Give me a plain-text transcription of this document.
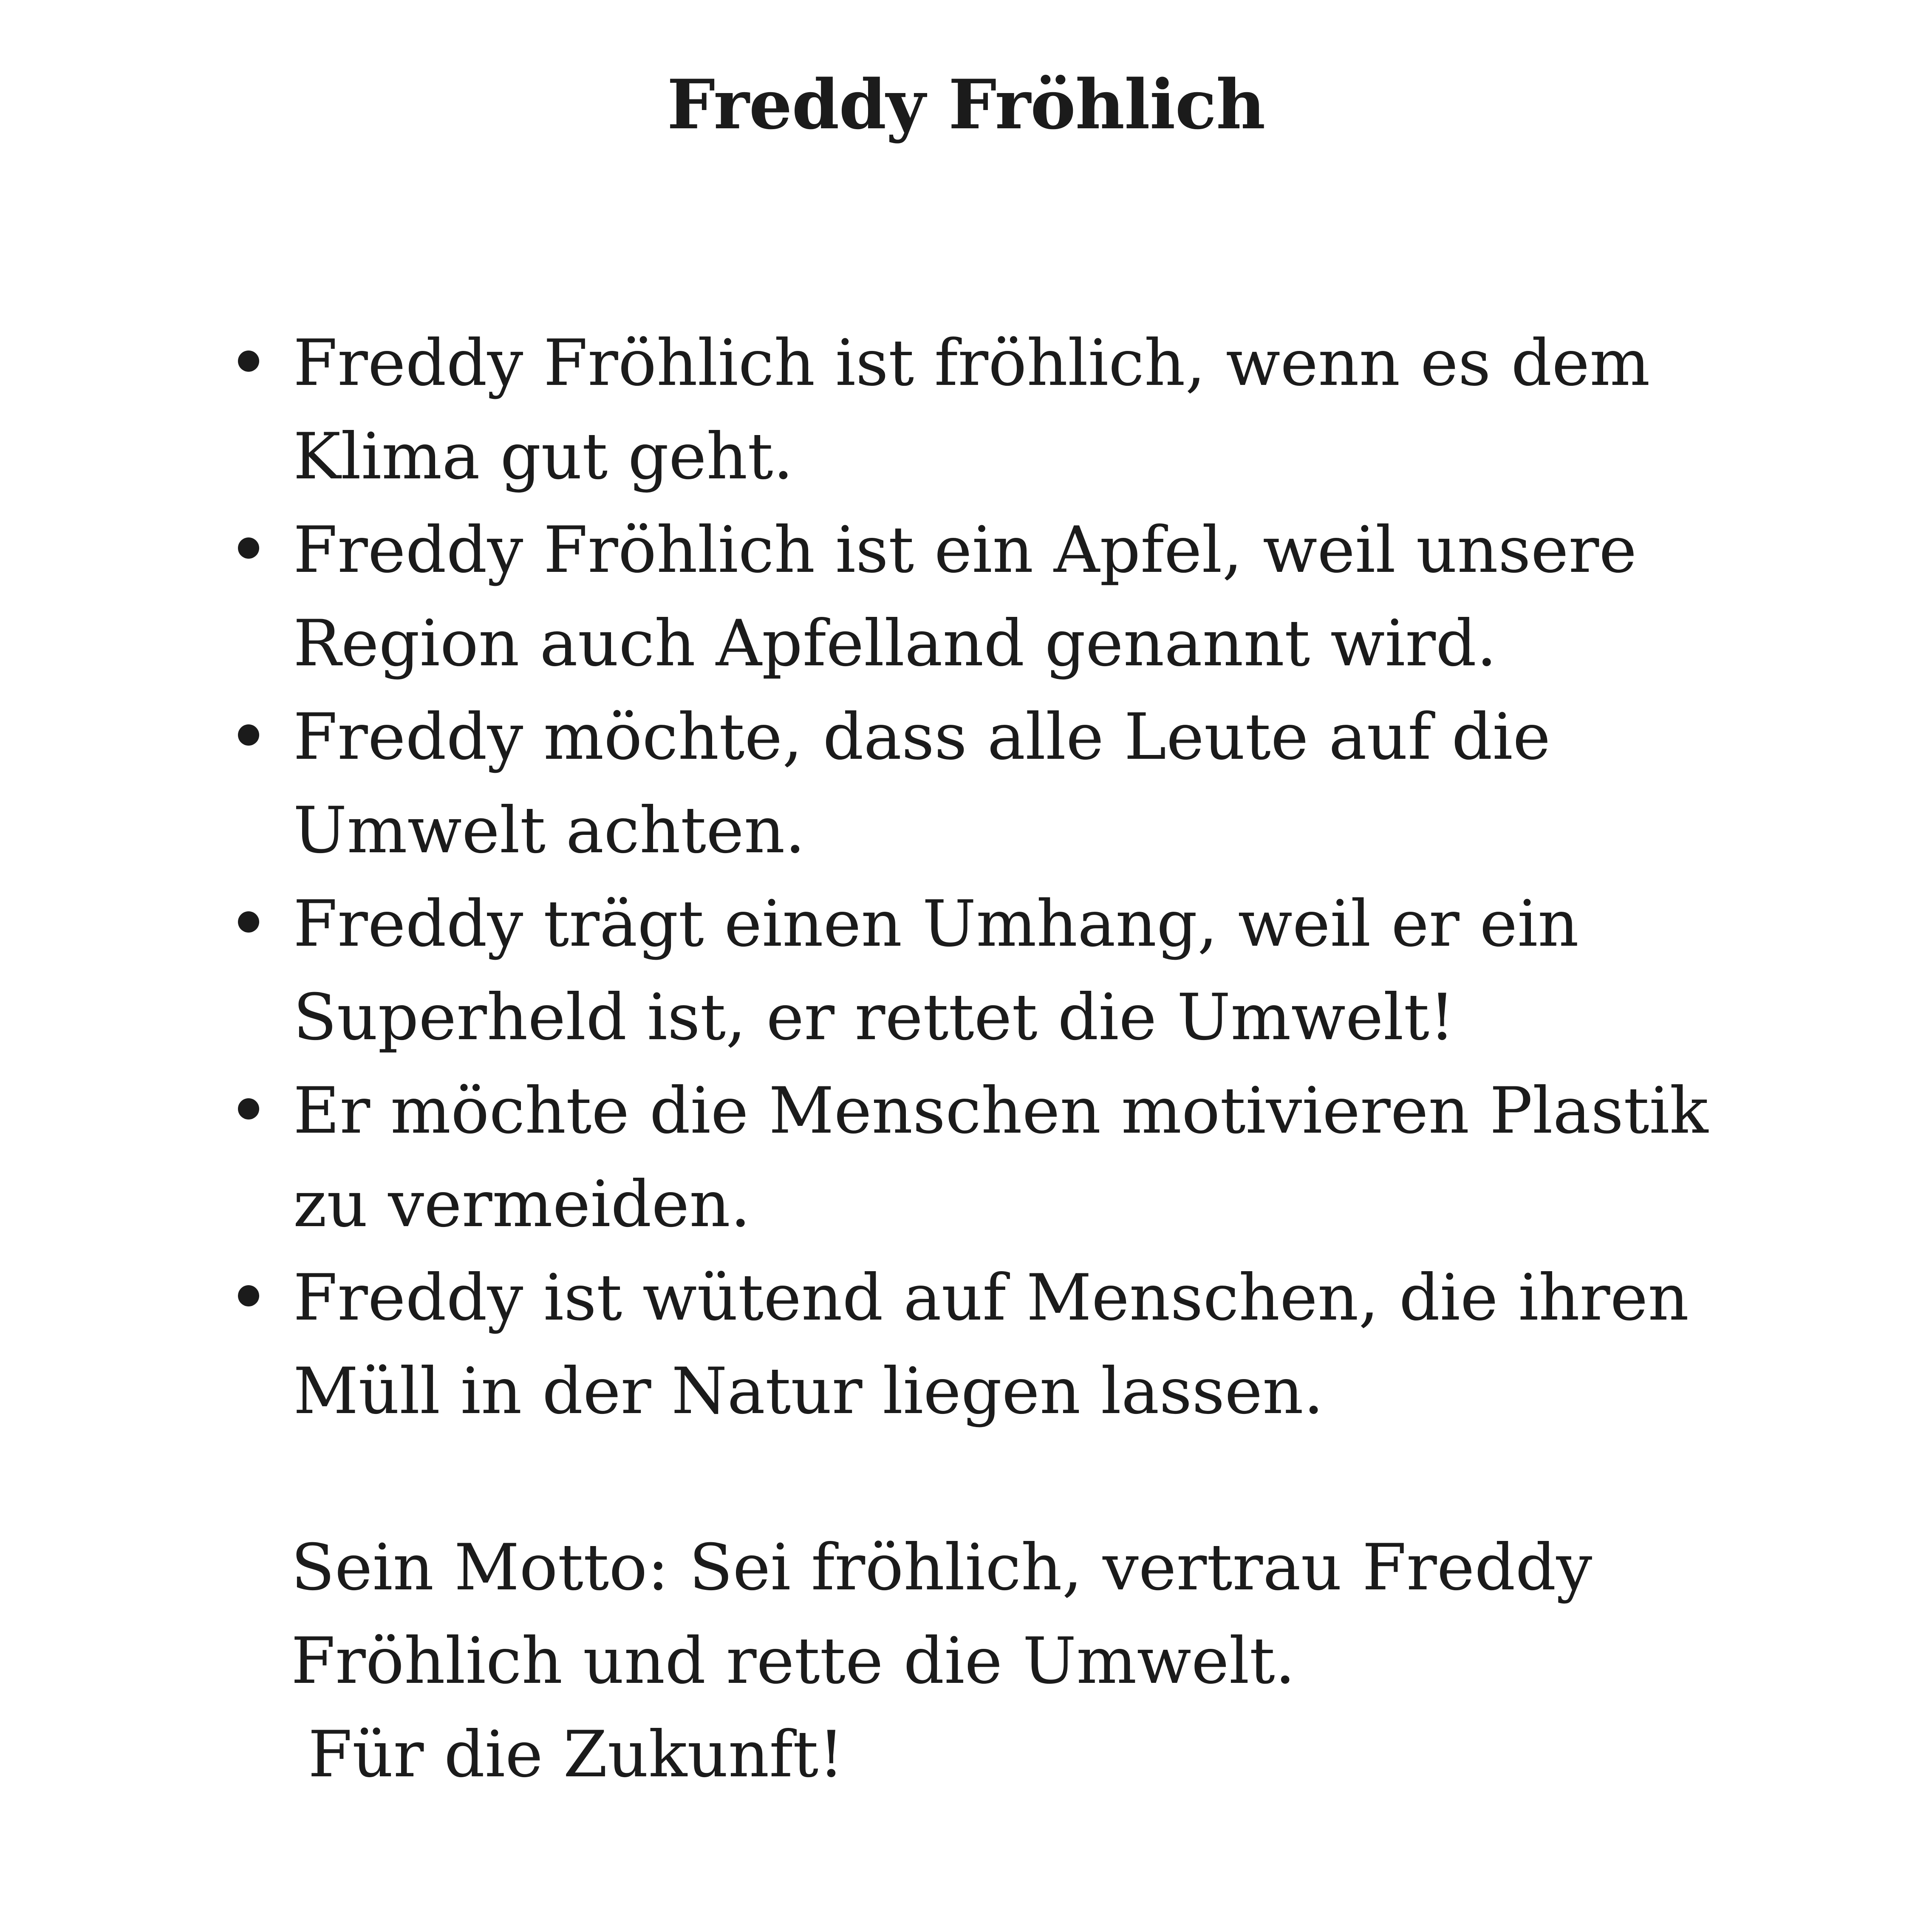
Freddy Fröhlich
Freddy Fröhlich ist fröhlich, wenn es dem
Klima gut geht.
Freddy Fröhlich ist ein Apfel, weil unsere
Region auch Apfelland genannt wird.
Freddy möchte, dass alle Leute auf die
Umwelt achten.
Freddy trägt einen Umhang, weil er ein
Superheld ist, er rettet die Umwelt!
Er möchte die Menschen motivieren Plastik
zu vermeiden.
Freddy ist wütend auf Menschen, die ihren
Müll in der Natur liegen lassen.
Sein Motto: Sei fröhlich, vertrau Freddy
Fröhlich und rette die Umwelt.
Für die Zukunft!
